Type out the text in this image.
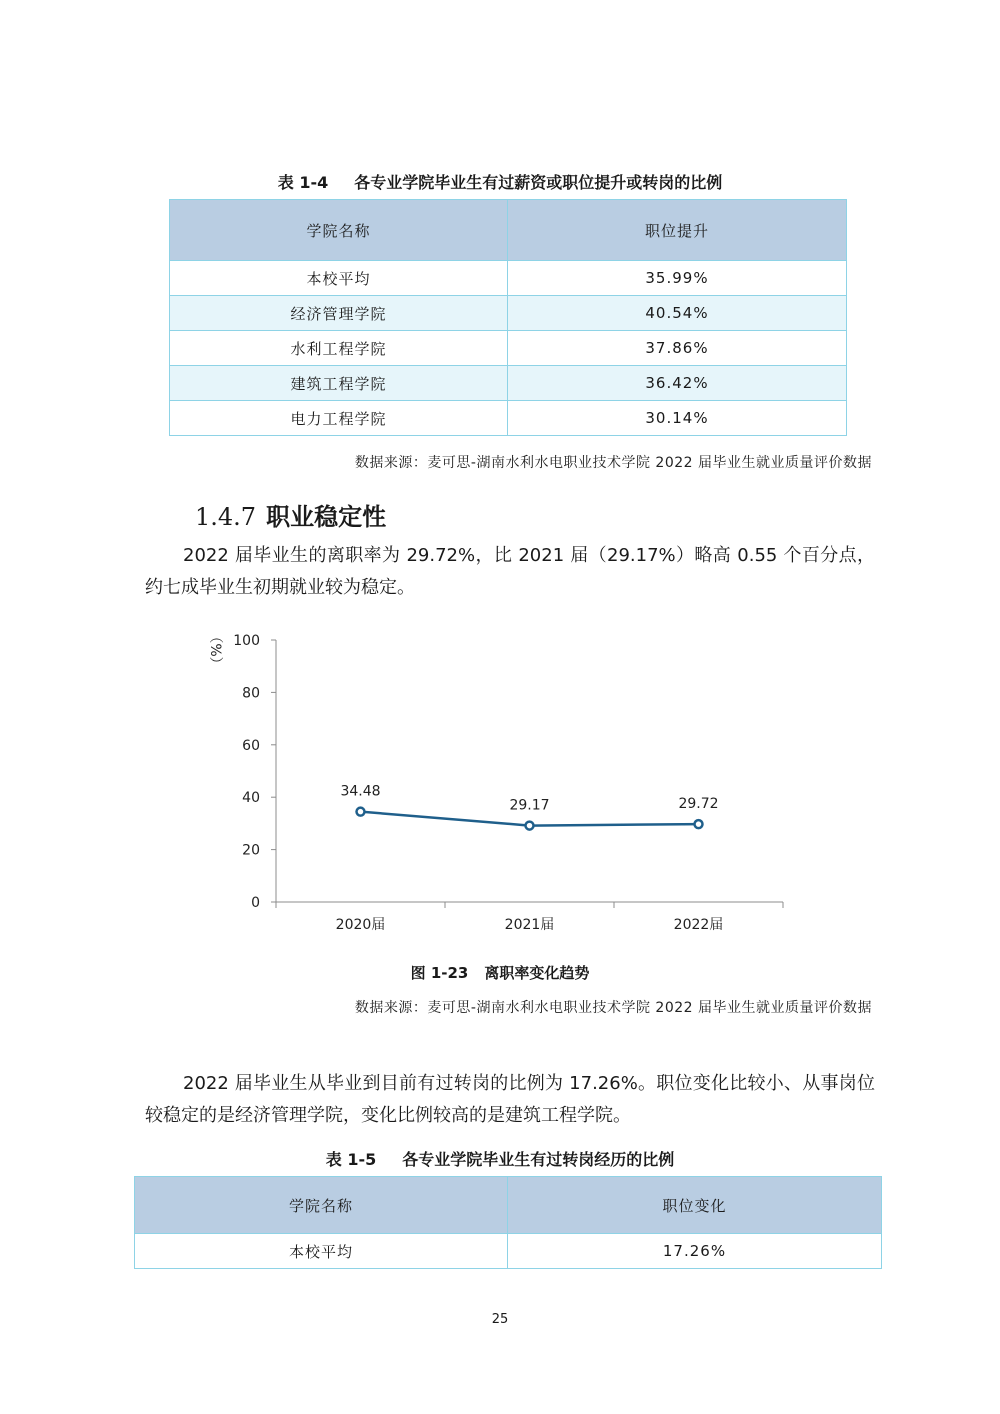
表 1-4 各专业学院毕业生有过薪资或职位提升或转岗的比例
学院名称	职位提升
本校平均	35.99%
经济管理学院	40.54%
水利工程学院	37.86%
建筑工程学院	36.42%
电力工程学院	30.14%
数据来源：麦可思-湖南水利水电职业技术学院 2022 届毕业生就业质量评价数据
1.4.7 职业稳定性
2022 届毕业生的离职率为 29.72%，比 2021 届（29.17%）略高 0.55 个百分点，约七成毕业生初期就业较为稳定。
0
20
40
60
80
100
2020届	2021届	2022届
34.48
29.17	29.72
（%）
图 1-23 离职率变化趋势
数据来源：麦可思-湖南水利水电职业技术学院 2022 届毕业生就业质量评价数据
2022 届毕业生从毕业到目前有过转岗的比例为 17.26%。职位变化比较小、从事岗位较稳定的是经济管理学院，变化比例较高的是建筑工程学院。
表 1-5 各专业学院毕业生有过转岗经历的比例
学院名称	职位变化
本校平均	17.26%
25
